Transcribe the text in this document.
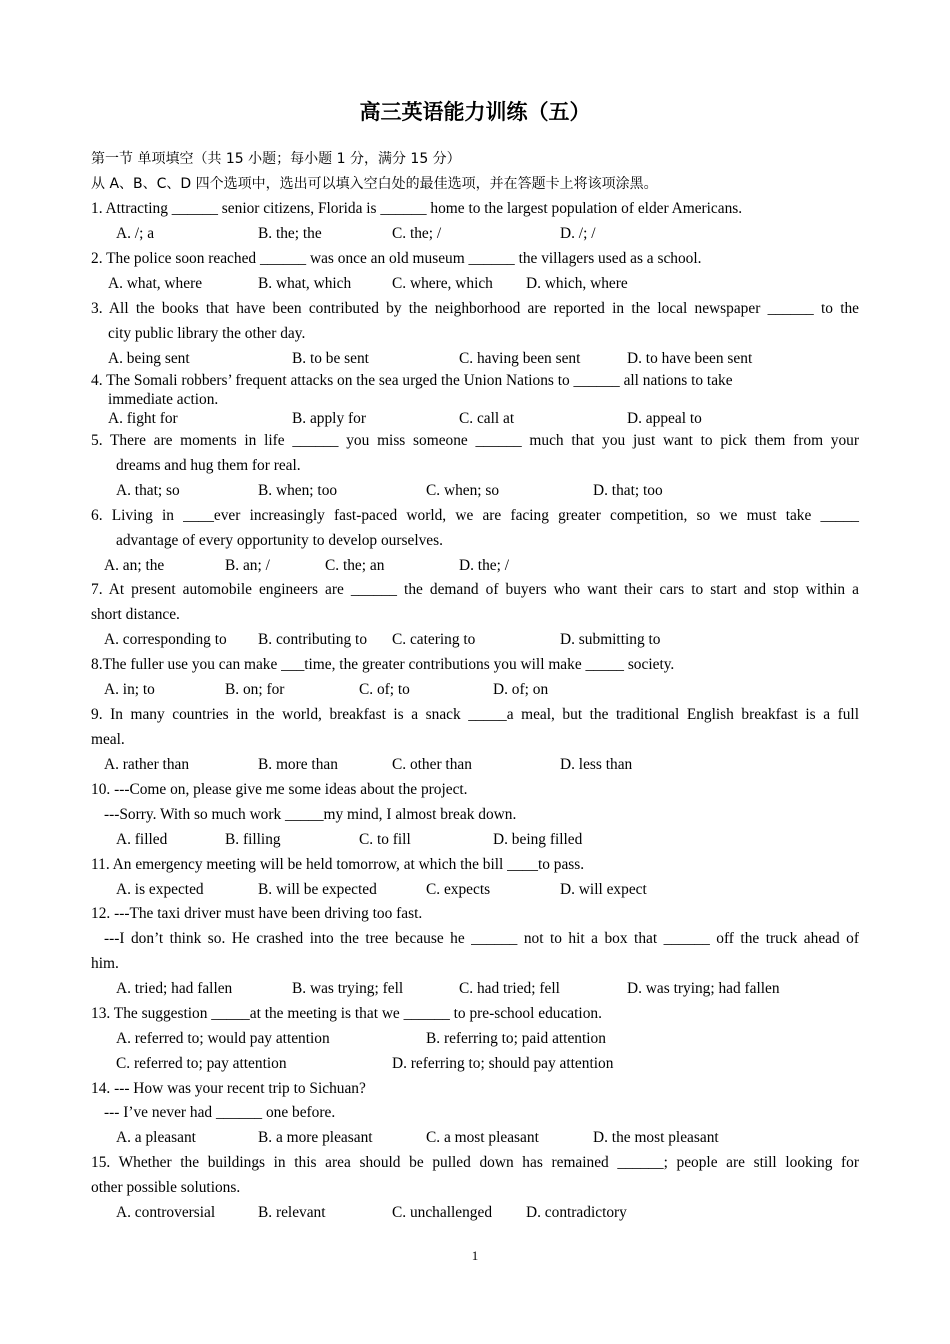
高三英语能力训练（五）
第一节 单项填空（共 15 小题；每小题 1 分，满分 15 分）
从 A、B、C、D 四个选项中，选出可以填入空白处的最佳选项，并在答题卡上将该项涂黑。
1. Attracting ______ senior citizens, Florida is ______ home to the largest population of elder Americans.
A. /; a	B. the; the	C. the; /	D. /; /
2. The police soon reached ______ was once an old museum ______ the villagers used as a school.
A. what, where	B. what, which	C. where, which D. which, where
3. All the books that have been contributed by the neighborhood are reported in the local newspaper ______ to the
city public library the other day.
A. being sent	B. to be sent	C. having been sent	D. to have been sent
4. The Somali robbers’ frequent attacks on the sea urged the Union Nations to ______ all nations to take
immediate action.
A. fight for	B. apply for	C. call at	D. appeal to
5. There are moments in life ______ you miss someone ______ much that you just want to pick them from your
dreams and hug them for real.
A. that; so	B. when; too	C. when; so	D. that; too
6. Living in ____ever increasingly fast-paced world, we are facing greater competition, so we must take _____
advantage of every opportunity to develop ourselves.
A. an; the	B. an; /	C. the; an	D. the; /
7. At present automobile engineers are ______ the demand of buyers who want their cars to start and stop within a
short distance.
A. corresponding to B. contributing to C. catering to	D. submitting to
8.The fuller use you can make ___time, the greater contributions you will make _____ society.
A. in; to	B. on; for	C. of; to	D. of; on
9. In many countries in the world, breakfast is a snack _____a meal, but the traditional English breakfast is a full
meal.
A. rather than	B. more than	C. other than	D. less than
10. ---Come on, please give me some ideas about the project.
---Sorry. With so much work _____my mind, I almost break down.
A. filled	B. filling	C. to fill	D. being filled
11. An emergency meeting will be held tomorrow, at which the bill ____to pass.
A. is expected	B. will be expected	C. expects	D. will expect
12. ---The taxi driver must have been driving too fast.
---I don’t think so. He crashed into the tree because he ______ not to hit a box that ______ off the truck ahead of
him.
A. tried; had fallen	B. was trying; fell	C. had tried; fell	D. was trying; had fallen
13. The suggestion _____at the meeting is that we ______ to pre-school education.
A. referred to; would pay attention	B. referring to; paid attention
C. referred to; pay attention	D. referring to; should pay attention
14. --- How was your recent trip to Sichuan?
--- I’ve never had ______ one before.
A. a pleasant	B. a more pleasant	C. a most pleasant	D. the most pleasant
15. Whether the buildings in this area should be pulled down has remained ______; people are still looking for
other possible solutions.
A. controversial	B. relevant	C. unchallenged D. contradictory
1
